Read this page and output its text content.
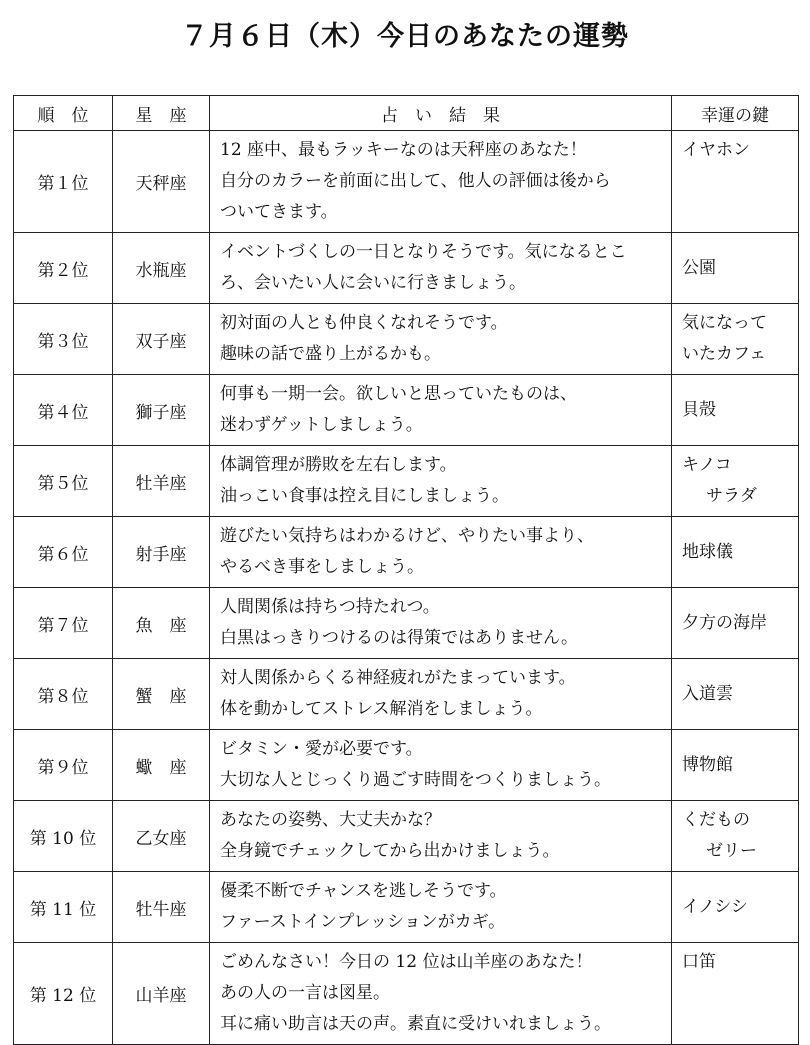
７月６日（木）今日のあなたの運勢
順　位	星　座	占　い　結　果	幸運の鍵
第１位	天秤座	12 座中、最もラッキーなのは天秤座のあなた！
自分のカラーを前面に出して、他人の評価は後から
ついてきます。	イヤホン

第２位	水瓶座	イベントづくしの一日となりそうです。気になるとこ
ろ、会いたい人に会いに行きましょう。	公園

第３位	双子座	初対面の人とも仲良くなれそうです。
趣味の話で盛り上がるかも。	気になって
いたカフェ

第４位	獅子座	何事も一期一会。欲しいと思っていたものは、
迷わずゲットしましょう。	貝殻

第５位	牡羊座	体調管理が勝敗を左右します。
油っこい食事は控え目にしましょう。	キノコ
サラダ

第６位	射手座	遊びたい気持ちはわかるけど、やりたい事より、
やるべき事をしましょう。	地球儀

第７位	魚　座	人間関係は持ちつ持たれつ。
白黒はっきりつけるのは得策ではありません。	夕方の海岸

第８位	蟹　座	対人関係からくる神経疲れがたまっています。
体を動かしてストレス解消をしましょう。	入道雲

第９位	蠍　座	ビタミン・愛が必要です。
大切な人とじっくり過ごす時間をつくりましょう。	博物館

第 10 位	乙女座	あなたの姿勢、大丈夫かな？
全身鏡でチェックしてから出かけましょう。	くだもの
ゼリー

第 11 位	牡牛座	優柔不断でチャンスを逃しそうです。
ファーストインプレッションがカギ。	イノシシ

第 12 位	山羊座	ごめんなさい！今日の 12 位は山羊座のあなた！
あの人の一言は図星。
耳に痛い助言は天の声。素直に受けいれましょう。	口笛
